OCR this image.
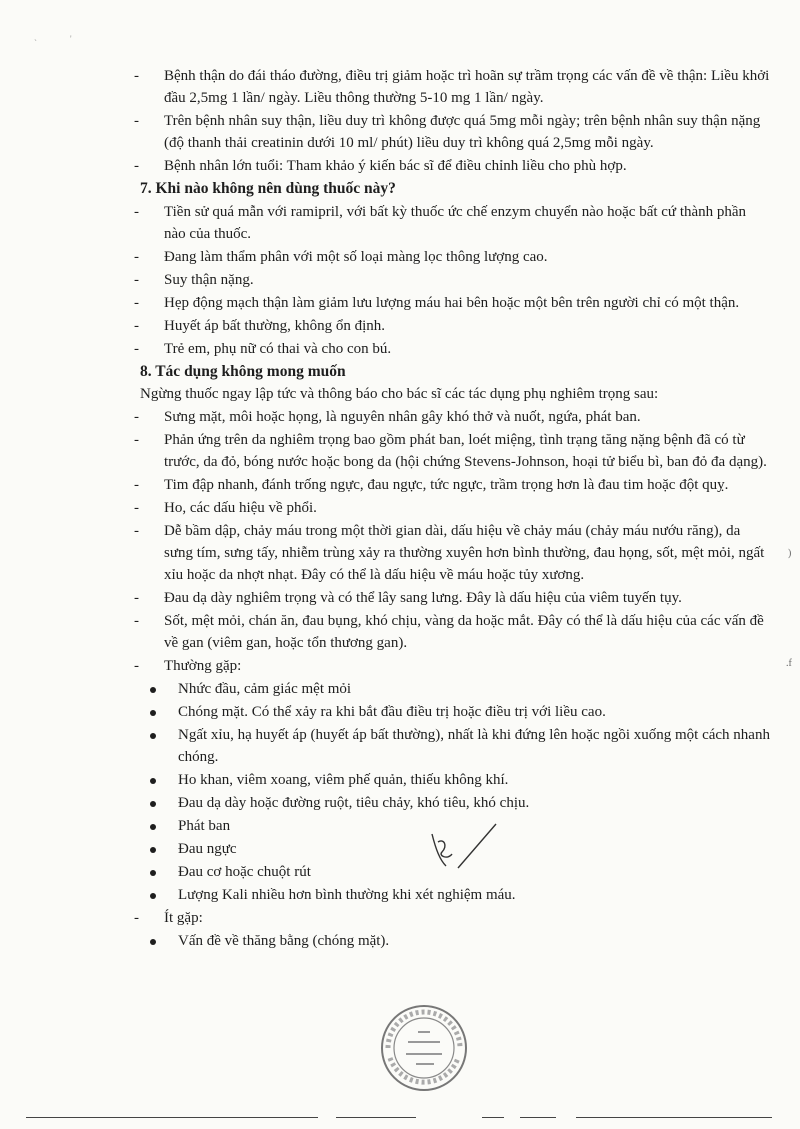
`	'
)
.f

- Bệnh thận do đái tháo đường, điều trị giảm hoặc trì hoãn sự trầm trọng các vấn đề về thận: Liều khởi đầu 2,5mg 1 lần/ ngày. Liều thông thường 5-10 mg 1 lần/ ngày.

- Trên bệnh nhân suy thận, liều duy trì không được quá 5mg mỗi ngày; trên bệnh nhân suy thận nặng (độ thanh thải creatinin dưới 10 ml/ phút) liều duy trì không quá 2,5mg mỗi ngày.

- Bệnh nhân lớn tuổi: Tham khảo ý kiến bác sĩ để điều chỉnh liều cho phù hợp.

7. Khi nào không nên dùng thuốc này?

- Tiền sử quá mẫn với ramipril, với bất kỳ thuốc ức chế enzym chuyển nào hoặc bất cứ thành phần nào của thuốc.

- Đang làm thẩm phân với một số loại màng lọc thông lượng cao.

- Suy thận nặng.

- Hẹp động mạch thận làm giảm lưu lượng máu hai bên hoặc một bên trên người chỉ có một thận.

- Huyết áp bất thường, không ổn định.

- Trẻ em, phụ nữ có thai và cho con bú.

8. Tác dụng không mong muốn

Ngừng thuốc ngay lập tức và thông báo cho bác sĩ các tác dụng phụ nghiêm trọng sau:

- Sưng mặt, môi hoặc họng, là nguyên nhân gây khó thở và nuốt, ngứa, phát ban.

- Phản ứng trên da nghiêm trọng bao gồm phát ban, loét miệng, tình trạng tăng nặng bệnh đã có từ trước, da đỏ, bóng nước hoặc bong da (hội chứng Stevens-Johnson, hoại tử biểu bì, ban đỏ đa dạng).

- Tim đập nhanh, đánh trống ngực, đau ngực, tức ngực, trầm trọng hơn là đau tim hoặc đột quỵ.

- Ho, các dấu hiệu về phổi.

- Dễ bầm dập, chảy máu trong một thời gian dài, dấu hiệu về chảy máu (chảy máu nướu răng), da sưng tím, sưng tấy, nhiễm trùng xảy ra thường xuyên hơn bình thường, đau họng, sốt, mệt mỏi, ngất xỉu hoặc da nhợt nhạt. Đây có thể là dấu hiệu về máu hoặc tủy xương.

- Đau dạ dày nghiêm trọng và có thể lây sang lưng. Đây là dấu hiệu của viêm tuyến tụy.

- Sốt, mệt mỏi, chán ăn, đau bụng, khó chịu, vàng da hoặc mắt. Đây có thể là dấu hiệu của các vấn đề về gan (viêm gan, hoặc tổn thương gan).

- Thường gặp:

Nhức đầu, cảm giác mệt mỏi
Chóng mặt. Có thể xảy ra khi bắt đầu điều trị hoặc điều trị với liều cao.
Ngất xỉu, hạ huyết áp (huyết áp bất thường), nhất là khi đứng lên hoặc ngồi xuống một cách nhanh chóng.
Ho khan, viêm xoang, viêm phế quản, thiếu không khí.
Đau dạ dày hoặc đường ruột, tiêu chảy, khó tiêu, khó chịu.
Phát ban
Đau ngực
Đau cơ hoặc chuột rút
Lượng Kali nhiều hơn bình thường khi xét nghiệm máu.

- Ít gặp:

Vấn đề về thăng bằng (chóng mặt).
